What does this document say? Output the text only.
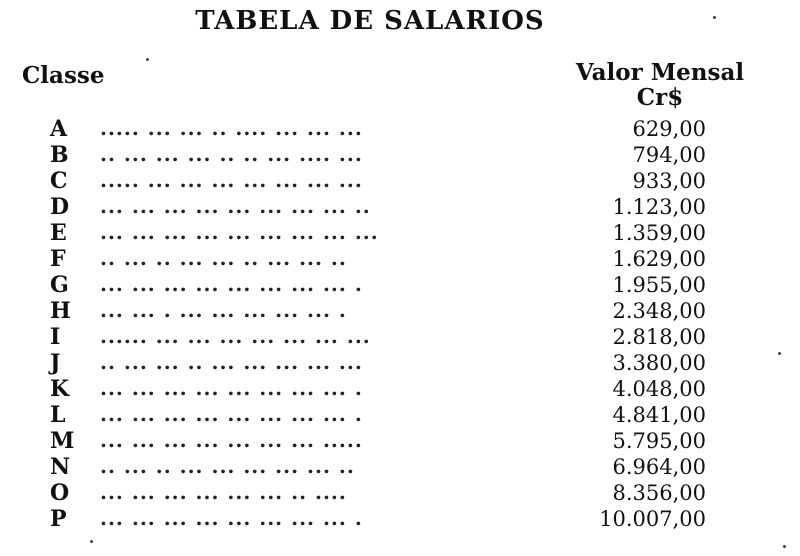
TABELA DE SALARIOS
Classe	Valor Mensal
Cr$
A ..... ... ... .. .... ... ... ...	629,00
B .. ... ... ... .. .. ... .... ...	794,00
C ..... ... ... ... ... ... ... ...	933,00
D ... ... ... ... ... ... ... ... ..	1.123,00
E ... ... ... ... ... ... ... ... ...	1.359,00
F .. ... .. ... ... .. ... ... ..	1.629,00
G ... ... ... ... ... ... ... ... .	1.955,00
H ... ... . ... ... ... ... ... .	2.348,00
I ...... ... ... ... ... ... ... ...	2.818,00
J .. ... ... .. ... ... ... ... ...	3.380,00
K ... ... ... ... ... ... ... ... .	4.048,00
L ... ... ... ... ... ... ... ... .	4.841,00
M ... ... ... ... ... ... ... .....	5.795,00
N .. ... .. ... ... ... ... ... ..	6.964,00
O ... ... ... ... ... ... .. ....	8.356,00
P ... ... ... ... ... ... ... ... .	10.007,00
